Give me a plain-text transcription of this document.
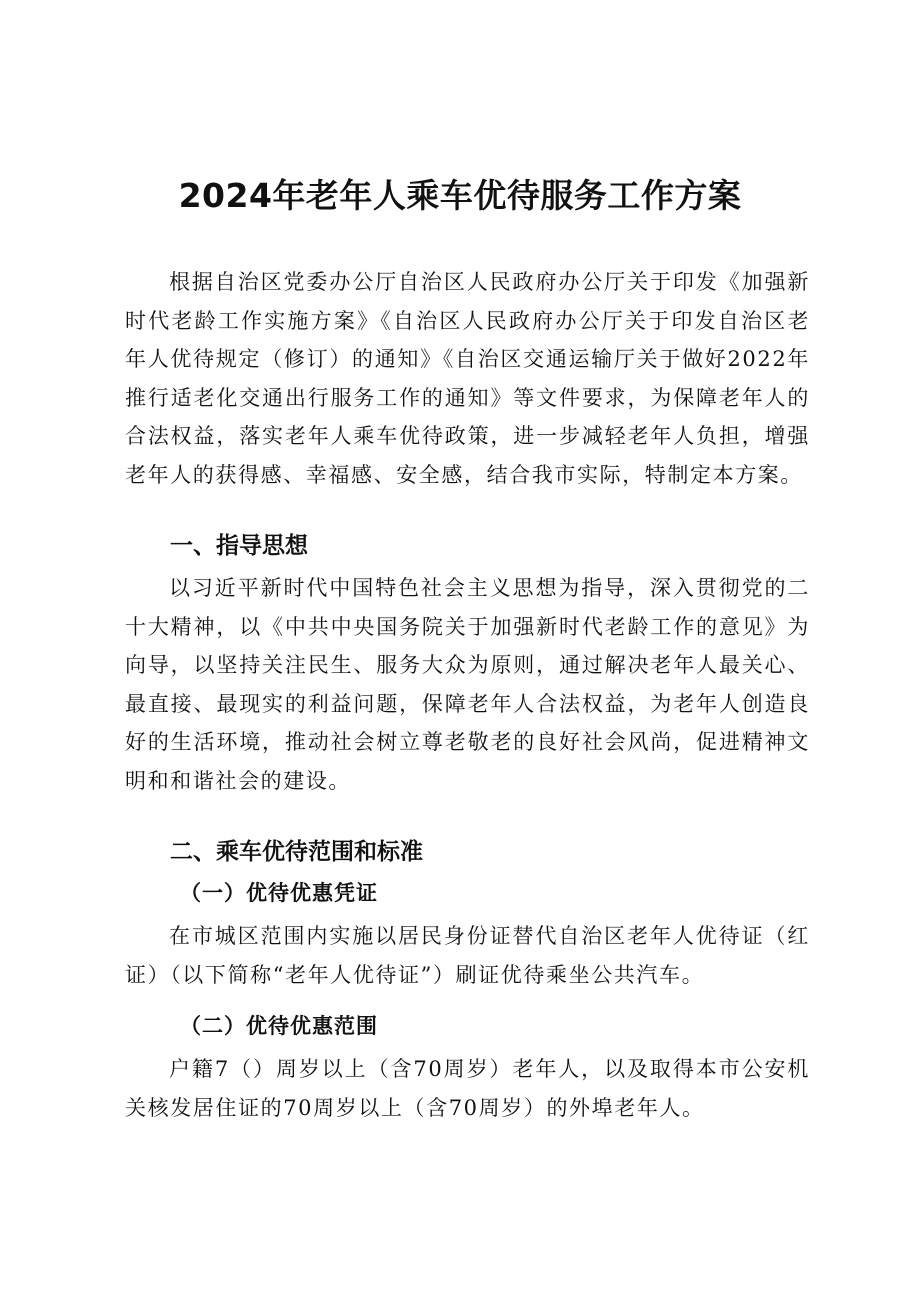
2024年老年人乘车优待服务工作方案

根据自治区党委办公厅自治区人民政府办公厅关于印发《加强新时代老龄工作实施方案》《自治区人民政府办公厅关于印发自治区老年人优待规定（修订）的通知》《自治区交通运输厅关于做好2022年推行适老化交通出行服务工作的通知》等文件要求，为保障老年人的合法权益，落实老年人乘车优待政策，进一步减轻老年人负担，增强老年人的获得感、幸福感、安全感，结合我市实际，特制定本方案。

一、指导思想

以习近平新时代中国特色社会主义思想为指导，深入贯彻党的二十大精神，以《中共中央国务院关于加强新时代老龄工作的意见》为向导，以坚持关注民生、服务大众为原则，通过解决老年人最关心、最直接、最现实的利益问题，保障老年人合法权益，为老年人创造良好的生活环境，推动社会树立尊老敬老的良好社会风尚，促进精神文明和和谐社会的建设。

二、乘车优待范围和标准
（一）优待优惠凭证

在市城区范围内实施以居民身份证替代自治区老年人优待证（红证）（以下简称“老年人优待证”）刷证优待乘坐公共汽车。

（二）优待优惠范围

户籍7（）周岁以上（含70周岁）老年人，以及取得本市公安机关核发居住证的70周岁以上（含70周岁）的外埠老年人。
